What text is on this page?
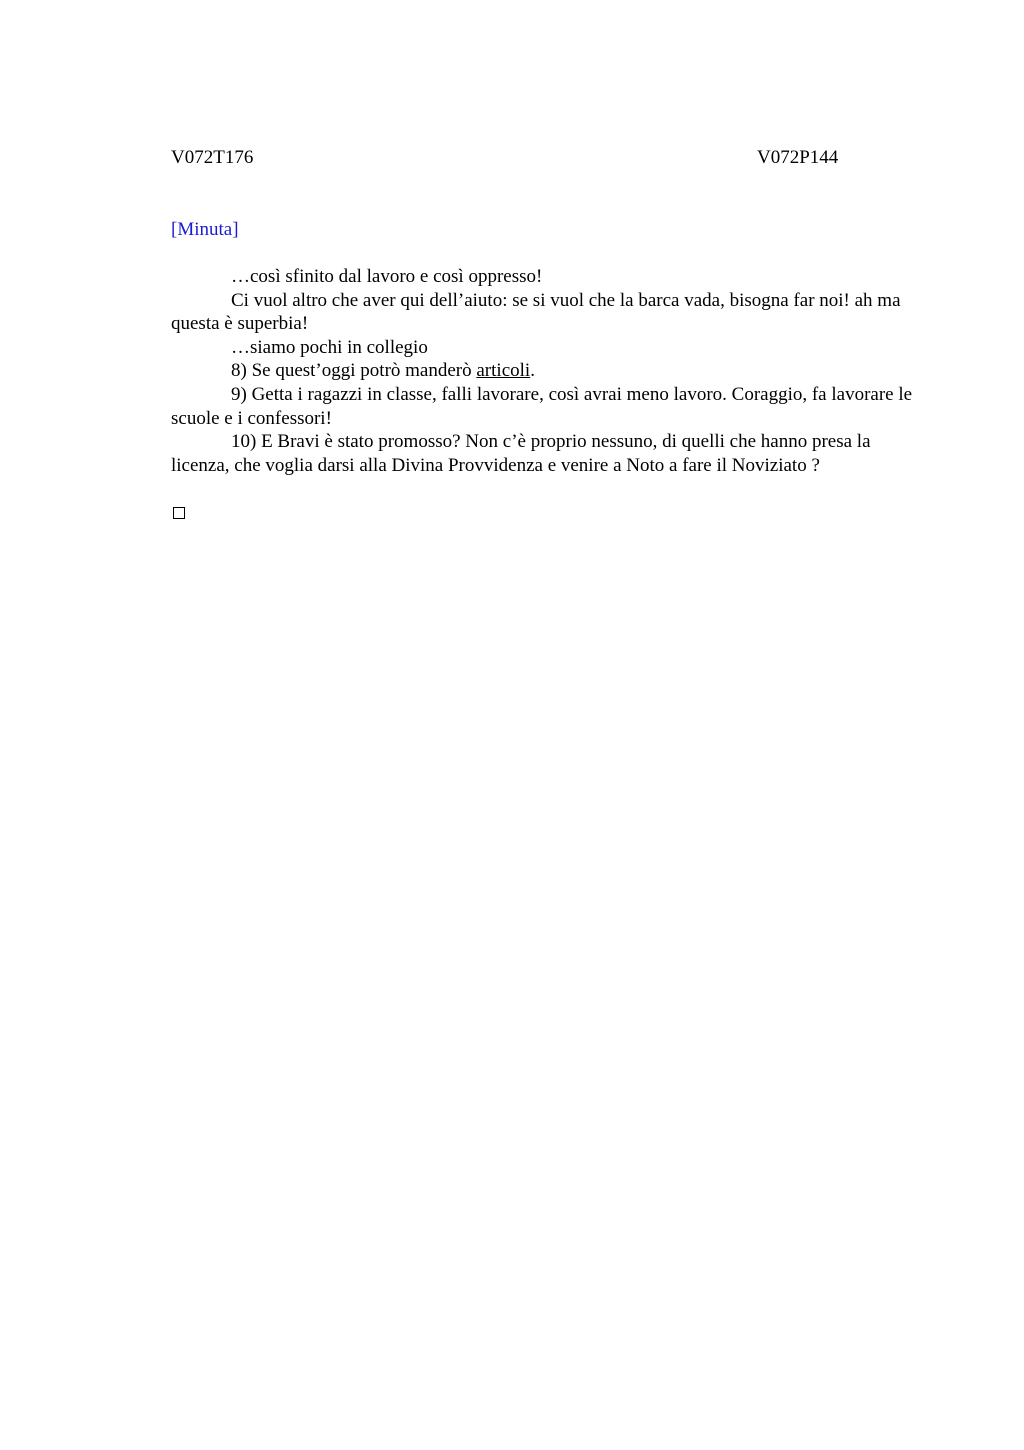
V072T176	V072P144
[Minuta]

…così sfinito dal lavoro e così oppresso!

Ci vuol altro che aver qui dell’aiuto: se si vuol che la barca vada, bisogna far noi! ah ma questa è superbia!

…siamo pochi in collegio

8) Se quest’oggi potrò manderò articoli.

9) Getta i ragazzi in classe, falli lavorare, così avrai meno lavoro. Coraggio, fa lavorare le scuole e i confessori!

10) E Bravi è stato promosso? Non c’è proprio nessuno, di quelli che hanno presa la licenza, che voglia darsi alla Divina Provvidenza e venire a Noto a fare il Noviziato ?
